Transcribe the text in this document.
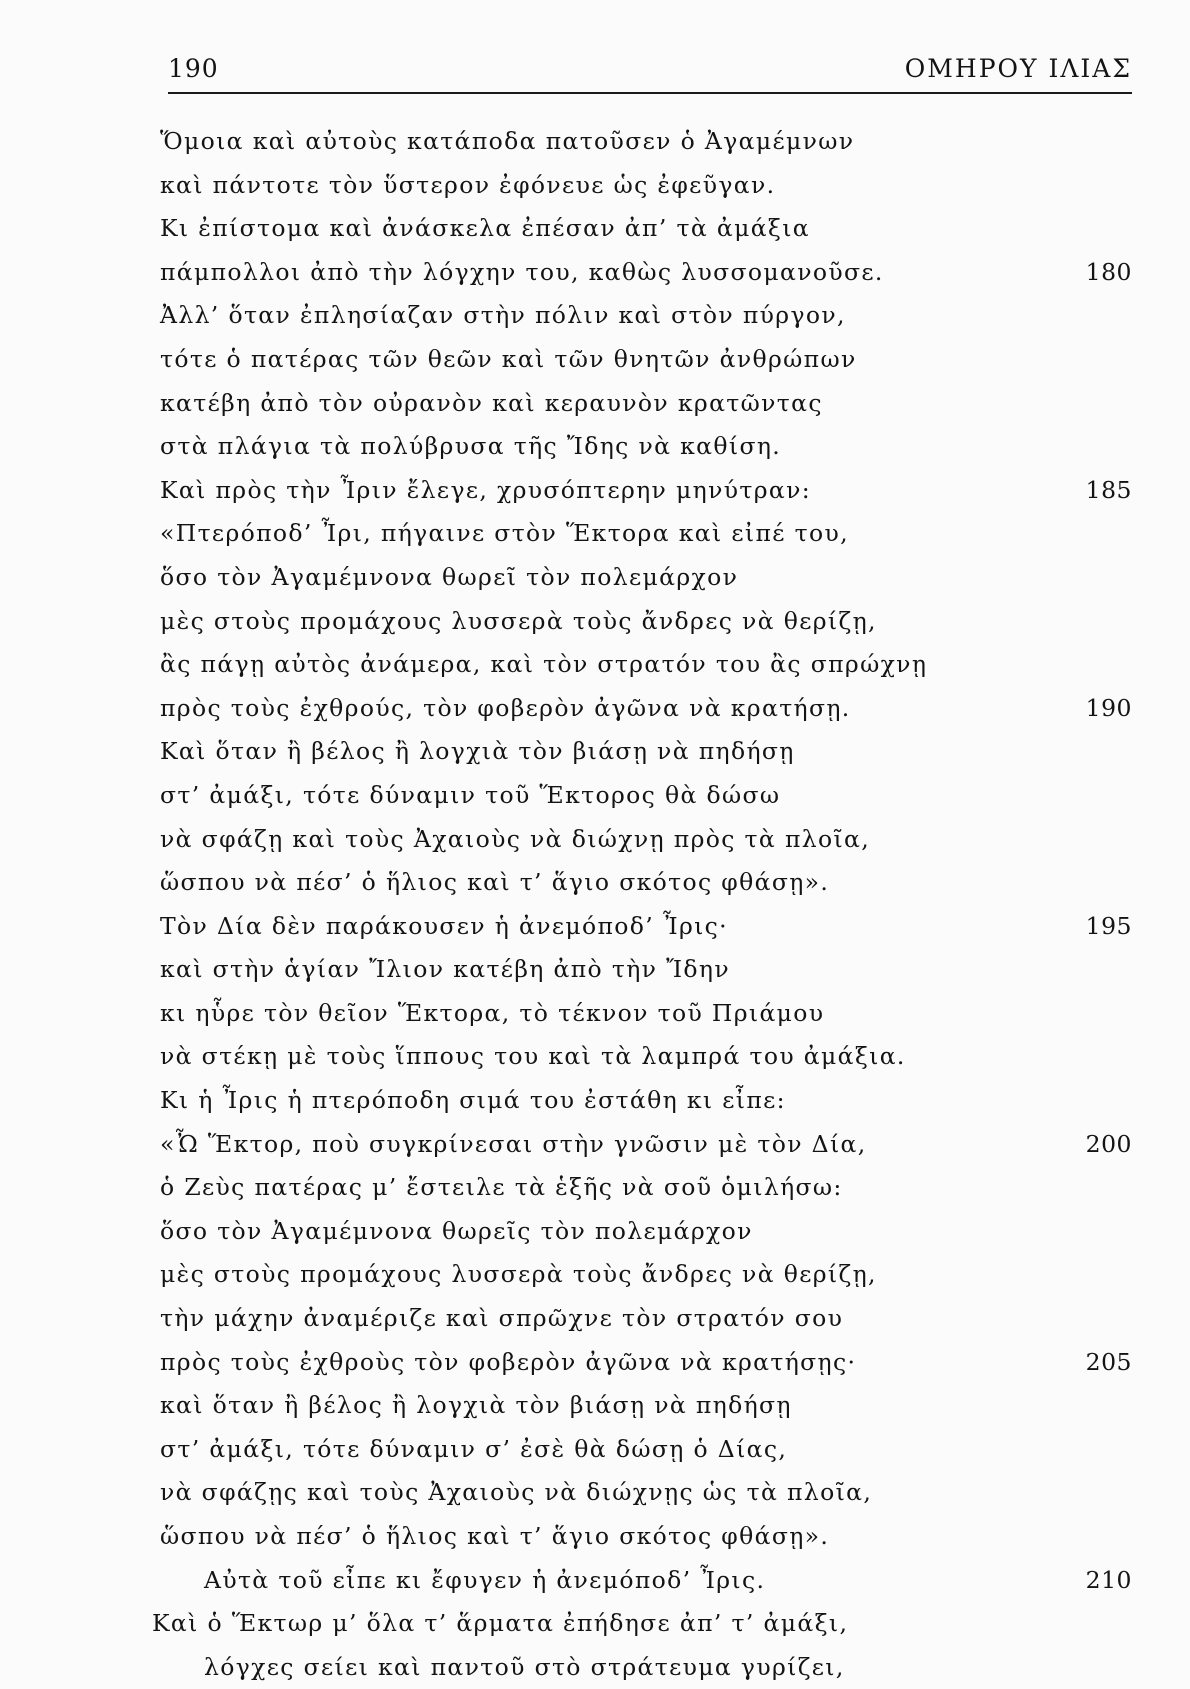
190	ΟΜΗΡΟΥ ΙΛΙΑΣ
Ὅμοια καὶ αὐτοὺς κατάποδα πατοῦσεν ὁ Ἀγαμέμνων
καὶ πάντοτε τὸν ὕστερον ἐφόνευε ὡς ἐφεῦγαν.
Κι ἐπίστομα καὶ ἀνάσκελα ἐπέσαν ἀπ’ τὰ ἀμάξια
πάμπολλοι ἀπὸ τὴν λόγχην του, καθὼς λυσσομανοῦσε.	180
Ἀλλ’ ὅταν ἐπλησίαζαν στὴν πόλιν καὶ στὸν πύργον,
τότε ὁ πατέρας τῶν θεῶν καὶ τῶν θνητῶν ἀνθρώπων
κατέβη ἀπὸ τὸν οὐρανὸν καὶ κεραυνὸν κρατῶντας
στὰ πλάγια τὰ πολύβρυσα τῆς Ἴδης νὰ καθίση.
Καὶ πρὸς τὴν Ἶριν ἔλεγε, χρυσόπτερην μηνύτραν:	185
«Πτερόποδ’ Ἶρι, πήγαινε στὸν Ἕκτορα καὶ εἰπέ του,
ὅσο τὸν Ἀγαμέμνονα θωρεῖ τὸν πολεμάρχον
μὲς στοὺς προμάχους λυσσερὰ τοὺς ἄνδρες νὰ θερίζῃ,
ἂς πάγῃ αὐτὸς ἀνάμερα, καὶ τὸν στρατόν του ἂς σπρώχνῃ
πρὸς τοὺς ἐχθρούς, τὸν φοβερὸν ἀγῶνα νὰ κρατήσῃ.	190
Καὶ ὅταν ἢ βέλος ἢ λογχιὰ τὸν βιάσῃ νὰ πηδήσῃ
στ’ ἀμάξι, τότε δύναμιν τοῦ Ἕκτορος θὰ δώσω
νὰ σφάζῃ καὶ τοὺς Ἀχαιοὺς νὰ διώχνῃ πρὸς τὰ πλοῖα,
ὥσπου νὰ πέσ’ ὁ ἥλιος καὶ τ’ ἅγιο σκότος φθάσῃ».
Τὸν Δία δὲν παράκουσεν ἡ ἀνεμόποδ’ Ἶρις·	195
καὶ στὴν ἁγίαν Ἴλιον κατέβη ἀπὸ τὴν Ἴδην
κι ηὗρε τὸν θεῖον Ἕκτορα, τὸ τέκνον τοῦ Πριάμου
νὰ στέκῃ μὲ τοὺς ἵππους του καὶ τὰ λαμπρά του ἀμάξια.
Κι ἡ Ἶρις ἡ πτερόποδη σιμά του ἐστάθη κι εἶπε:
«Ὦ Ἕκτορ, ποὺ συγκρίνεσαι στὴν γνῶσιν μὲ τὸν Δία,	200
ὁ Ζεὺς πατέρας μ’ ἔστειλε τὰ ἑξῆς νὰ σοῦ ὁμιλήσω:
ὅσο τὸν Ἀγαμέμνονα θωρεῖς τὸν πολεμάρχον
μὲς στοὺς προμάχους λυσσερὰ τοὺς ἄνδρες νὰ θερίζῃ,
τὴν μάχην ἀναμέριζε καὶ σπρῶχνε τὸν στρατόν σου
πρὸς τοὺς ἐχθροὺς τὸν φοβερὸν ἀγῶνα νὰ κρατήσῃς·	205
καὶ ὅταν ἢ βέλος ἢ λογχιὰ τὸν βιάσῃ νὰ πηδήσῃ
στ’ ἀμάξι, τότε δύναμιν σ’ ἐσὲ θὰ δώσῃ ὁ Δίας,
νὰ σφάζῃς καὶ τοὺς Ἀχαιοὺς νὰ διώχνῃς ὡς τὰ πλοῖα,
ὥσπου νὰ πέσ’ ὁ ἥλιος καὶ τ’ ἅγιο σκότος φθάσῃ».
Αὐτὰ τοῦ εἶπε κι ἔφυγεν ἡ ἀνεμόποδ’ Ἶρις.	210
Καὶ ὁ Ἕκτωρ μ’ ὅλα τ’ ἅρματα ἐπήδησε ἀπ’ τ’ ἀμάξι,
λόγχες σείει καὶ παντοῦ στὸ στράτευμα γυρίζει,
